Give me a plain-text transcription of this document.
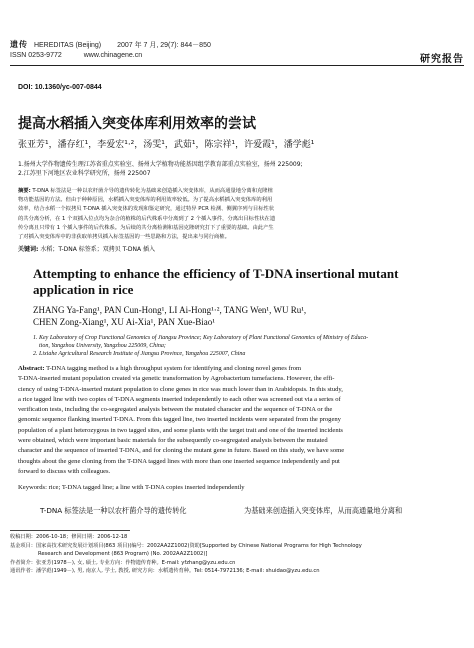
遗传 HEREDITAS (Beijing) 2007 年 7 月, 29(7): 844－850
ISSN 0253-9772	www.chinagene.cn	研究报告
DOI: 10.1360/yc-007-0844
提高水稻插入突变体库利用效率的尝试
张亚芳¹，潘存红¹，李爱宏¹·²，汤雯¹，武茹¹，陈宗祥¹，许爱霞¹，潘学彪¹
1.扬州大学作物遗传生理江苏省重点实验室、扬州大学植物功能基因组学教育部重点实验室，扬州 225009;
2.江苏里下河地区农业科学研究所，扬州 225007
摘要: T-DNA 标签法是一种以农杆菌介导的遗传转化为基础来创造插入突变体库，从而高通量地分离和克隆植
物功能基因的方法。但由于种种原因，水稻插入突变体库的利用效率较低。为了提高水稻插入突变体库的利用
效率，结合水稻一个拟拷贝 T-DNA 插入突变体的发现和鉴定研究，通过特异 PCR 检测、侧翼序列与目标性状
的共分离分析，在 1 个双插入位点均为杂合的植株的后代株系中分离到了 2 个插入事件，分离出目标性状在遗
传分离且只带有 1 个插入事件的后代株系。为后续的共分离检测和基因克隆研究打下了重要的基础。由此产生
了对插入突变体库中的非获取单拷贝插入标签基因的一些思路和方法，提出来与同行商榷。
关键词: 水稻；T-DNA 标签系；双拷贝 T-DNA 插入
Attempting to enhance the efficiency of T-DNA insertional mutant
application in rice
ZHANG Ya-Fang¹, PAN Cun-Hong¹, LI Ai-Hong¹·², TANG Wen¹, WU Ru¹,
CHEN Zong-Xiang¹, XU Ai-Xia¹, PAN Xue-Biao¹
1. Key Laboratory of Crop Functional Genomics of Jiangsu Province; Key Laboratory of Plant Functional Genomics of Ministry of Educa-
tion, Yangzhou University, Yangzhou 225009, China;
2. Lixiahe Agricultural Research Institute of Jiangsu Province, Yangzhou 225007, China
Abstract: T-DNA tagging method is a high throughput system for identifying and cloning novel genes from
T-DNA-inserted mutant population created via genetic transformation by Agrobacterium tumefaciens. However, the effi-
ciency of using T-DNA-inserted mutant population to clone genes in rice was much lower than in Arabidopsis. In this study,
a rice tagged line with two copies of T-DNA segments inserted independently to each other was screened out via a series of
verification tests, including the co-segregated analysis between the mutated character and the sequence of T-DNA or the
genomic sequence flanking inserted T-DNA. From this tagged line, two inserted incidents were separated from the progeny
population of a plant heterozygous in two tagged sites, and some plants with the target trait and one of the inserted incidents
were obtained, which were important basic materials for the subsequently co-segregated analysis between the mutated
character and the sequence of inserted T-DNA, and for cloning the mutant gene in future. Based on this study, we have some
thoughts about the gene cloning from the T-DNA tagged lines with more than one inserted sequence independently and put
forward to discuss with colleagues.
Keywords: rice; T-DNA tagged line; a line with T-DNA copies inserted independently
T-DNA 标签法是一种以农杆菌介导的遗传转化	为基础来创造插入突变体库，从而高通量地分离和
收稿日期：2006-10-18；修回日期：2006-12-18
基金项目：国家高技术研究发展计划项目(863 项目)(编号：2002AA2Z1002)资助[Supported by Chinese National Programs for High Technology
Research and Development (863 Program) (No. 2002AA2Z1002)]
作者简介：张亚芳(1978－), 女, 硕士, 专业方向：作物遗传育种。E-mail: yfzhang@yzu.edu.cn
通讯作者：潘学彪(1949－), 男, 南京人, 学士, 教授, 研究方向：水稻遗传育种。Tel: 0514-7972136; E-mail: shuidao@yzu.edu.cn
